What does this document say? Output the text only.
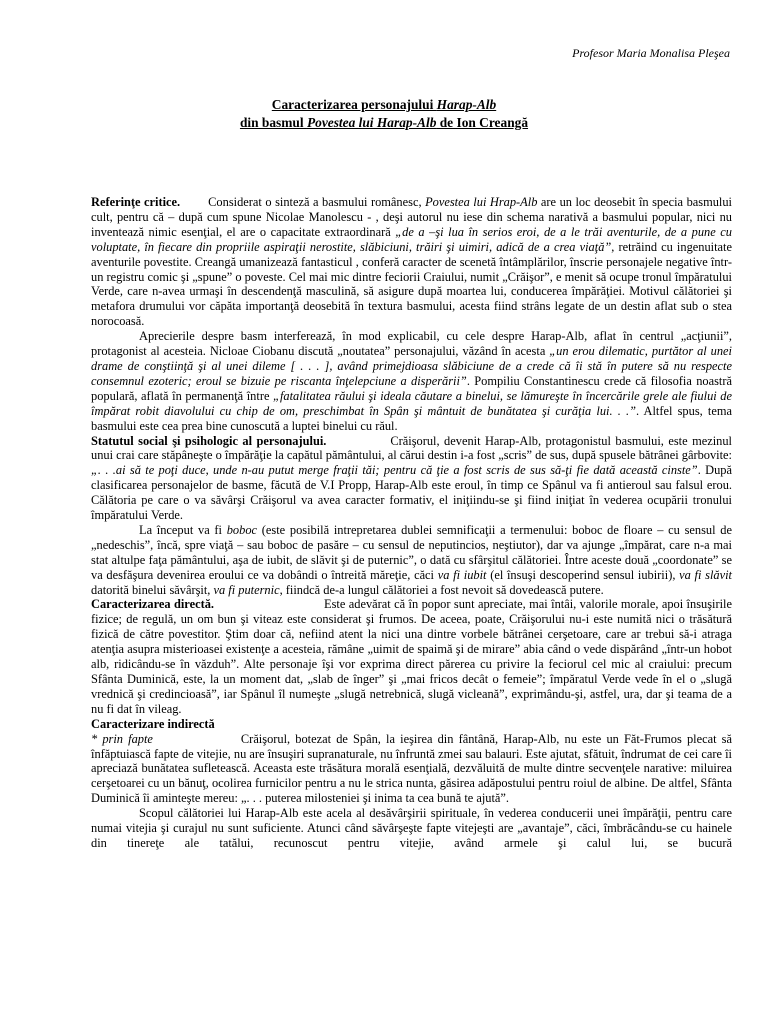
Profesor Maria Monalisa Pleşea
Caracterizarea personajului Harap-Alb
din basmul Povestea lui Harap-Alb de Ion Creangă

Referinţe critice. Considerat o sinteză a basmului românesc, Povestea lui Hrap-Alb are un loc deosebit în specia basmului cult, pentru că – după cum spune Nicolae Manolescu - , deşi autorul nu iese din schema narativă a basmului popular, nici nu inventează nimic esenţial, el are o capacitate extraordinară „de a –şi lua în serios eroi, de a le trăi aventurile, de a pune cu voluptate, în fiecare din propriile aspiraţii nerostite, slăbiciuni, trăiri şi uimiri, adică de a crea viaţă”, retrăind cu ingenuitate aventurile povestite. Creangă umanizează fantasticul , conferă caracter de scenetă întâmplărilor, înscrie personajele negative într-un registru comic şi „spune” o poveste. Cel mai mic dintre feciorii Craiului, numit „Crăişor”, e menit să ocupe tronul împăratului Verde, care n-avea urmaşi în descendenţă masculină, să asigure după moartea lui, conducerea împărăţiei. Motivul călătoriei şi metafora drumului vor căpăta importanţă deosebită în textura basmului, acesta fiind strâns legate de un destin aflat sub o stea norocoasă.

Aprecierile despre basm interferează, în mod explicabil, cu cele despre Harap-Alb, aflat în centrul „acţiunii”, protagonist al acesteia. Nicloae Ciobanu discută „noutatea” personajului, văzând în acesta „un erou dilematic, purtător al unei drame de conştiinţă şi al unei dileme [ . . . ], având primejdioasa slăbiciune de a crede că îi stă în putere să nu respecte consemnul ezoteric; eroul se bizuie pe riscanta înţelepciune a disperării”. Pompiliu Constantinescu crede că filosofia noastră populară, aflată în permanenţă între „fatalitatea răului şi ideala căutare a binelui, se lămureşte în încercările grele ale fiului de împărat robit diavolului cu chip de om, preschimbat în Spân şi mântuit de bunătatea şi curăţia lui. . .”. Altfel spus, tema basmului este cea prea bine cunoscută a luptei binelui cu răul.

Statutul social şi psihologic al personajului.	Crăişorul, devenit Harap-Alb, protagonistul basmului, este mezinul unui crai care stăpâneşte o împărăţie la capătul pământului, al cărui destin i-a fost „scris” de sus, după spusele bătrânei gârbovite: „. . .ai să te poţi duce, unde n-au putut merge fraţii tăi; pentru că ţie a fost scris de sus să-ţi fie dată această cinste”. După clasificarea personajelor de basme, făcută de V.I Propp, Harap-Alb este eroul, în timp ce Spânul va fi antieroul sau falsul erou. Călătoria pe care o va săvârşi Crăişorul va avea caracter formativ, el iniţiindu-se şi fiind iniţiat în vederea ocupării tronului împăratului Verde.

La început va fi boboc (este posibilă intrepretarea dublei semnificaţii a termenului: boboc de floare – cu sensul de „nedeschis”, încă, spre viaţă – sau boboc de pasăre – cu sensul de neputincios, neştiutor), dar va ajunge „împărat, care n-a mai stat altulpe faţa pământului, aşa de iubit, de slăvit şi de puternic”, o dată cu sfârşitul călătoriei. Între aceste două „coordonate” se va desfăşura devenirea eroului ce va dobândi o întreită măreţie, căci va fi iubit (el însuşi descoperind sensul iubirii), va fi slăvit datorită binelui săvârşit, va fi puternic, fiindcă de-a lungul călătoriei a fost nevoit să dovedească putere.

Caracterizarea directă.	Este adevărat că în popor sunt apreciate, mai întâi, valorile morale, apoi însuşirile fizice; de regulă, un om bun şi viteaz este considerat şi frumos. De aceea, poate, Crăişorului nu-i este numită nici o trăsătură fizică de către povestitor. Ştim doar că, nefiind atent la nici una dintre vorbele bătrânei cerşetoare, care ar trebui să-i atraga atenţia asupra misterioasei existenţe a acesteia, rămâne „uimit de spaimă şi de mirare” abia când o vede dispărând „într-un hobot alb, ridicându-se în văzduh”. Alte personaje îşi vor exprima direct părerea cu privire la feciorul cel mic al craiului: precum Sfânta Duminică, este, la un moment dat, „slab de înger” şi „mai fricos decât o femeie”; împăratul Verde vede în el o „slugă vrednică şi credincioasă”, iar Spânul îl numeşte „slugă netrebnică, slugă vicleană”, exprimându-şi, astfel, ura, dar şi teama de a nu fi dat în vileag.

Caracterizare indirectă

* prin fapte	Crăişorul, botezat de Spân, la ieşirea din fântână, Harap-Alb, nu este un Făt-Frumos plecat să înfăptuiască fapte de vitejie, nu are însuşiri supranaturale, nu înfruntă zmei sau balauri. Este ajutat, sfătuit, îndrumat de cei care îi apreciază bunătatea sufletească. Aceasta este trăsătura morală esenţială, dezvăluită de multe dintre secvenţele narative: miluirea cerşetoarei cu un bănuţ, ocolirea furnicilor pentru a nu le strica nunta, găsirea adăpostului pentru roiul de albine. De altfel, Sfânta Duminică îi aminteşte mereu: „. . . puterea milosteniei şi inima ta cea bună te ajută”.

Scopul călătoriei lui Harap-Alb este acela al desăvârşirii spirituale, în vederea conducerii unei împărăţii, pentru care numai vitejia şi curajul nu sunt suficiente. Atunci când săvârşeşte fapte vitejeşti are „avantaje”, căci, îmbrăcându-se cu hainele din tinereţe ale tatălui, recunoscut pentru vitejie, având armele şi calul lui, se bucură
